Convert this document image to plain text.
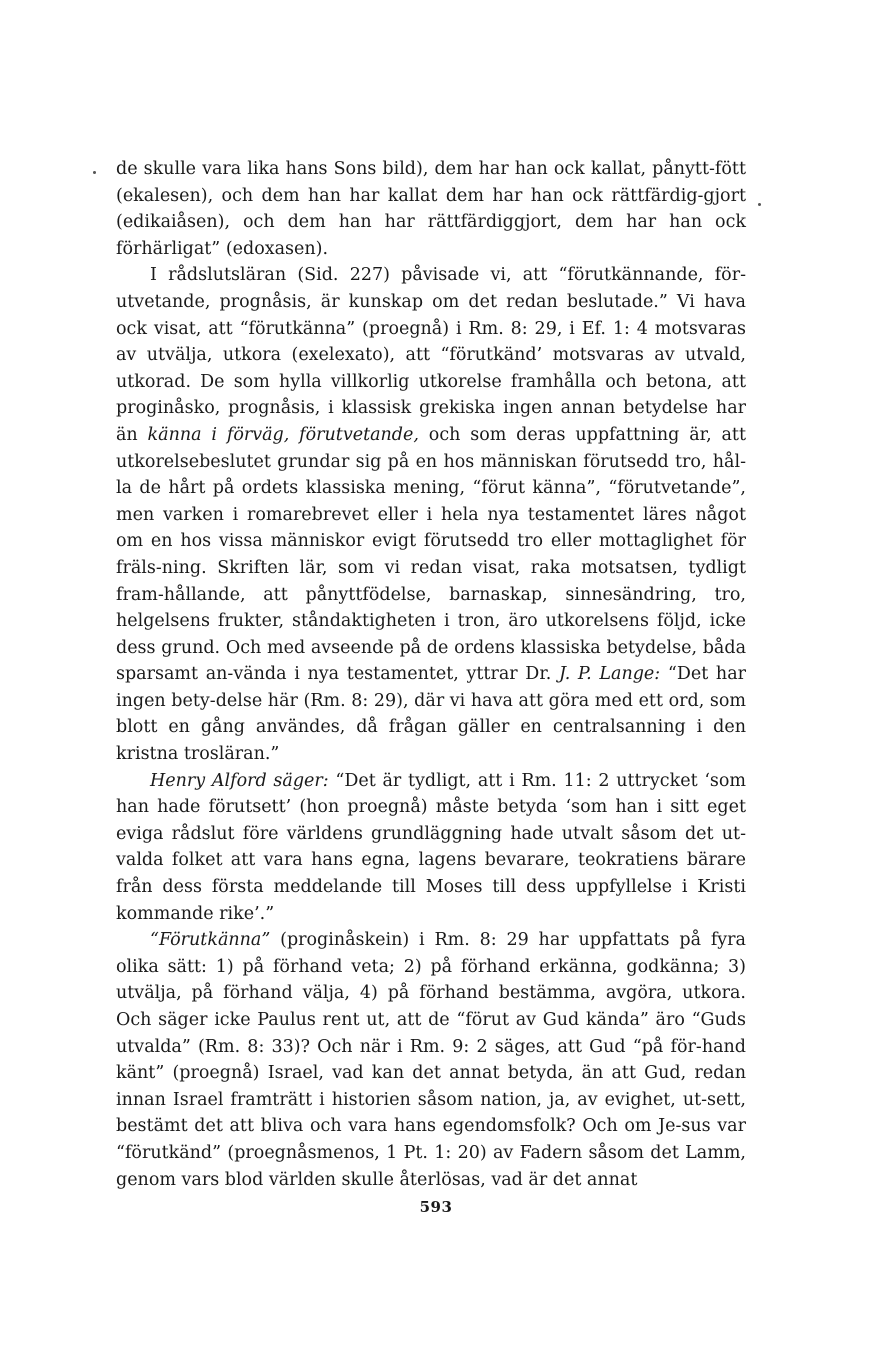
de skulle vara lika hans Sons bild), dem har han ock kallat, pånytt-fött (ekalesen), och dem han har kallat dem har han ock rättfärdig-gjort (edikaiåsen), och dem han har rättfärdiggjort, dem har han ock förhärligat” (edoxasen).

I rådslutsläran (Sid. 227) påvisade vi, att “förutkännande, för-utvetande, prognåsis, är kunskap om det redan beslutade.” Vi hava ock visat, att “förutkänna” (proegnå) i Rm. 8: 29, i Ef. 1: 4 motsvaras av utvälja, utkora (exelexato), att “förutkänd’ motsvaras av utvald, utkorad. De som hylla villkorlig utkorelse framhålla och betona, att proginåsko, prognåsis, i klassisk grekiska ingen annan betydelse har än känna i förväg, förutvetande, och som deras uppfattning är, att utkorelsebeslutet grundar sig på en hos människan förutsedd tro, hål-la de hårt på ordets klassiska mening, “förut känna”, “förutvetande”, men varken i romarebrevet eller i hela nya testamentet läres något om en hos vissa människor evigt förutsedd tro eller mottaglighet för fräls-ning. Skriften lär, som vi redan visat, raka motsatsen, tydligt fram-hållande, att pånyttfödelse, barnaskap, sinnesändring, tro, helgelsens frukter, ståndaktigheten i tron, äro utkorelsens följd, icke dess grund. Och med avseende på de ordens klassiska betydelse, båda sparsamt an-vända i nya testamentet, yttrar Dr. J. P. Lange: “Det har ingen bety-delse här (Rm. 8: 29), där vi hava att göra med ett ord, som blott en gång användes, då frågan gäller en centralsanning i den kristna trosläran.”

Henry Alford säger: “Det är tydligt, att i Rm. 11: 2 uttrycket ‘som han hade förutsett’ (hon proegnå) måste betyda ‘som han i sitt eget eviga rådslut före världens grundläggning hade utvalt såsom det ut-valda folket att vara hans egna, lagens bevarare, teokratiens bärare från dess första meddelande till Moses till dess uppfyllelse i Kristi kommande rike’.”

“Förutkänna” (proginåskein) i Rm. 8: 29 har uppfattats på fyra olika sätt: 1) på förhand veta; 2) på förhand erkänna, godkänna; 3) utvälja, på förhand välja, 4) på förhand bestämma, avgöra, utkora. Och säger icke Paulus rent ut, att de “förut av Gud kända” äro “Guds utvalda” (Rm. 8: 33)? Och när i Rm. 9: 2 säges, att Gud “på för-hand känt” (proegnå) Israel, vad kan det annat betyda, än att Gud, redan innan Israel framträtt i historien såsom nation, ja, av evighet, ut-sett, bestämt det att bliva och vara hans egendomsfolk? Och om Je-sus var “förutkänd” (proegnåsmenos, 1 Pt. 1: 20) av Fadern såsom det Lamm, genom vars blod världen skulle återlösas, vad är det annat

593
